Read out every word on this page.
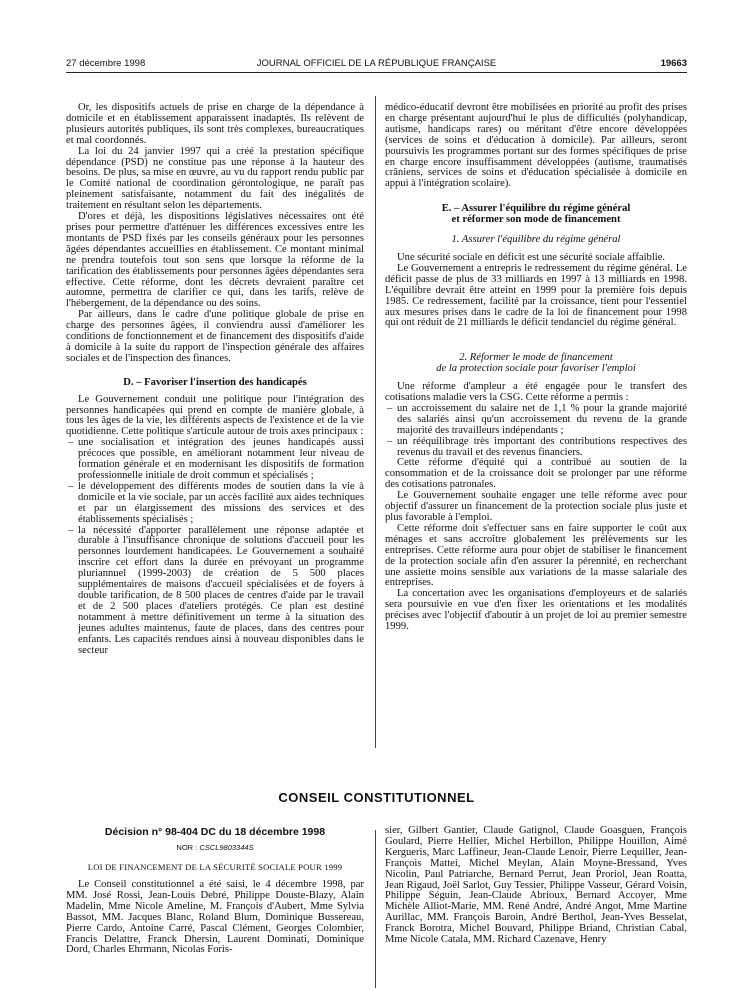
27 décembre 1998	JOURNAL OFFICIEL DE LA RÉPUBLIQUE FRANÇAISE	19663

Or, les dispositifs actuels de prise en charge de la dépendance à domicile et en établissement apparaissent inadaptés. Ils relèvent de plusieurs autorités publiques, ils sont très complexes, bureaucratiques et mal coordonnés.

La loi du 24 janvier 1997 qui a créé la prestation spécifique dépendance (PSD) ne constitue pas une réponse à la hauteur des besoins. De plus, sa mise en œuvre, au vu du rapport rendu public par le Comité national de coordination gérontologique, ne paraît pas pleinement satisfaisante, notamment du fait des inégalités de traitement en résultant selon les départements.

D'ores et déjà, les dispositions législatives nécessaires ont été prises pour permettre d'atténuer les différences excessives entre les montants de PSD fixés par les conseils généraux pour les personnes âgées dépendantes accueillies en établissement. Ce montant minimal ne prendra toutefois tout son sens que lorsque la réforme de la tarification des établissements pour personnes âgées dépendantes sera effective. Cette réforme, dont les décrets devraient paraître cet automne, permettra de clarifier ce qui, dans les tarifs, relève de l'hébergement, de la dépendance ou des soins.

Par ailleurs, dans le cadre d'une politique globale de prise en charge des personnes âgées, il conviendra aussi d'améliorer les conditions de fonctionnement et de financement des dispositifs d'aide à domicile à la suite du rapport de l'inspection générale des affaires sociales et de l'inspection des finances.

D. – Favoriser l'insertion des handicapés

Le Gouvernement conduit une politique pour l'intégration des personnes handicapées qui prend en compte de manière globale, à tous les âges de la vie, les différents aspects de l'existence et de la vie quotidienne. Cette politique s'articule autour de trois axes principaux :

– une socialisation et intégration des jeunes handicapés aussi précoces que possible, en améliorant notamment leur niveau de formation générale et en modernisant les dispositifs de formation professionnelle initiale de droit commun et spécialisés ;
– le développement des différents modes de soutien dans la vie à domicile et la vie sociale, par un accès facilité aux aides techniques et par un élargissement des missions des services et des établissements spécialisés ;
– la nécessité d'apporter parallèlement une réponse adaptée et durable à l'insuffisance chronique de solutions d'accueil pour les personnes lourdement handicapées. Le Gouvernement a souhaité inscrire cet effort dans la durée en prévoyant un programme pluriannuel (1999-2003) de création de 5 500 places supplémentaires de maisons d'accueil spécialisées et de foyers à double tarification, de 8 500 places de centres d'aide par le travail et de 2 500 places d'ateliers protégés. Ce plan est destiné notamment à mettre définitivement un terme à la situation des jeunes adultes maintenus, faute de places, dans des centres pour enfants. Les capacités rendues ainsi à nouveau disponibles dans le secteur

médico-éducatif devront être mobilisées en priorité au profit des prises en charge présentant aujourd'hui le plus de difficultés (polyhandicap, autisme, handicaps rares) ou méritant d'être encore développées (services de soins et d'éducation à domicile). Par ailleurs, seront poursuivis les programmes portant sur des formes spécifiques de prise en charge encore insuffisamment développées (autisme, traumatisés crâniens, services de soins et d'éducation spécialisée à domicile en appui à l'intégration scolaire).

E. – Assurer l'équilibre du régime général

et réformer son mode de financement

1. Assurer l'équilibre du régime général

Une sécurité sociale en déficit est une sécurité sociale affaiblie.

Le Gouvernement a entrepris le redressement du régime général. Le déficit passe de plus de 33 milliards en 1997 à 13 milliards en 1998. L'équilibre devrait être atteint en 1999 pour la première fois depuis 1985. Ce redressement, facilité par la croissance, tient pour l'essentiel aux mesures prises dans le cadre de la loi de financement pour 1998 qui ont réduit de 21 milliards le déficit tendanciel du régime général.

2. Réformer le mode de financement

de la protection sociale pour favoriser l'emploi

Une réforme d'ampleur a été engagée pour le transfert des cotisations maladie vers la CSG. Cette réforme a permis :

– un accroissement du salaire net de 1,1 % pour la grande majorité des salariés ainsi qu'un accroissement du revenu de la grande majorité des travailleurs indépendants ;
– un rééquilibrage très important des contributions respectives des revenus du travail et des revenus financiers.

Cette réforme d'équité qui a contribué au soutien de la consommation et de la croissance doit se prolonger par une réforme des cotisations patronales.

Le Gouvernement souhaite engager une telle réforme avec pour objectif d'assurer un financement de la protection sociale plus juste et plus favorable à l'emploi.

Cette réforme doit s'effectuer sans en faire supporter le coût aux ménages et sans accroître globalement les prélèvements sur les entreprises. Cette réforme aura pour objet de stabiliser le financement de la protection sociale afin d'en assurer la pérennité, en recherchant une assiette moins sensible aux variations de la masse salariale des entreprises.

La concertation avec les organisations d'employeurs et de salariés sera poursuivie en vue d'en fixer les orientations et les modalités précises avec l'objectif d'aboutir à un projet de loi au premier semestre 1999.

CONSEIL CONSTITUTIONNEL
Décision n° 98-404 DC du 18 décembre 1998
NOR : CSCL9803344S
LOI DE FINANCEMENT DE LA SÉCURITÉ SOCIALE POUR 1999

Le Conseil constitutionnel a été saisi, le 4 décembre 1998, par MM. José Rossi, Jean-Louis Debré, Philippe Douste-Blazy, Alain Madelin, Mme Nicole Ameline, M. François d'Aubert, Mme Sylvia Bassot, MM. Jacques Blanc, Roland Blum, Dominique Bussereau, Pierre Cardo, Antoine Carré, Pascal Clément, Georges Colombier, Francis Delattre, Franck Dhersin, Laurent Dominati, Dominique Dord, Charles Ehrmann, Nicolas Foris-

sier, Gilbert Gantier, Claude Gatignol, Claude Goasguen, François Goulard, Pierre Hellier, Michel Herbillon, Philippe Houillon, Aimé Kergueris, Marc Laffineur, Jean-Claude Lenoir, Pierre Lequiller, Jean-François Mattei, Michel Meylan, Alain Moyne-Bressand, Yves Nicolin, Paul Patriarche, Bernard Perrut, Jean Proriol, Jean Roatta, Jean Rigaud, Joël Sarlot, Guy Tessier, Philippe Vasseur, Gérard Voisin, Philippe Séguin, Jean-Claude Abrioux, Bernard Accoyer, Mme Michèle Alliot-Marie, MM. René André, André Angot, Mme Martine Aurillac, MM. François Baroin, André Berthol, Jean-Yves Besselat, Franck Borotra, Michel Bouvard, Philippe Briand, Christian Cabal, Mme Nicole Catala, MM. Richard Cazenave, Henry
